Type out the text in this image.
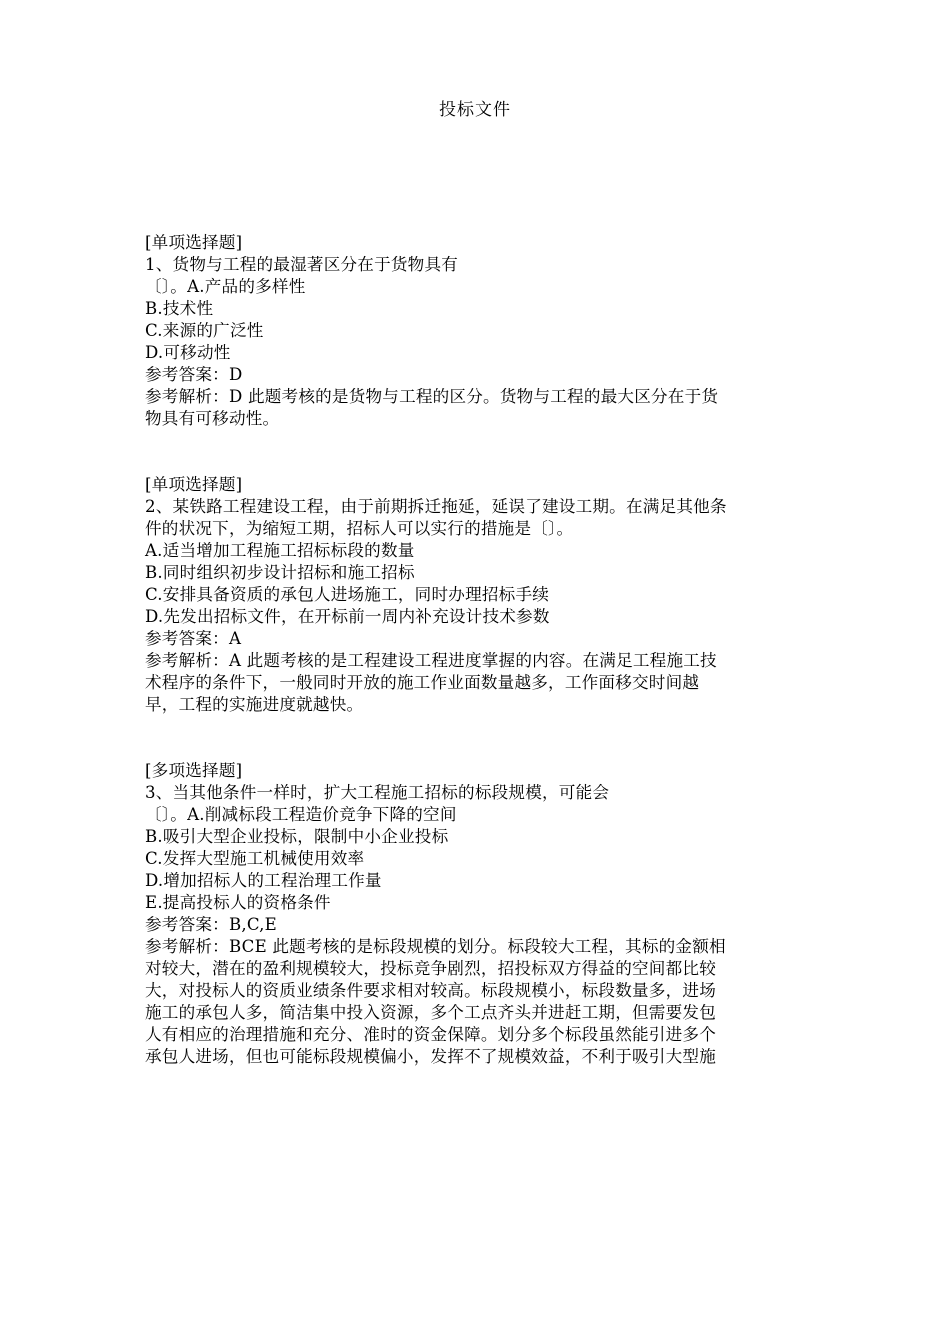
投标文件
[单项选择题]
1、货物与工程的最湿著区分在于货物具有
〔〕。A.产品的多样性
B.技术性
C.来源的广泛性
D.可移动性
参考答案：D
参考解析：D 此题考核的是货物与工程的区分。货物与工程的最大区分在于货
物具有可移动性。
[单项选择题]
2、某铁路工程建设工程，由于前期拆迁拖延，延误了建设工期。在满足其他条
件的状况下，为缩短工期，招标人可以实行的措施是〔〕。
A.适当增加工程施工招标标段的数量
B.同时组织初步设计招标和施工招标
C.安排具备资质的承包人进场施工，同时办理招标手续
D.先发出招标文件，在开标前一周内补充设计技术参数
参考答案：A
参考解析：A 此题考核的是工程建设工程进度掌握的内容。在满足工程施工技
术程序的条件下，一般同时开放的施工作业面数量越多，工作面移交时间越
早，工程的实施进度就越快。
[多项选择题]
3、当其他条件一样时，扩大工程施工招标的标段规模，可能会
〔〕。A.削减标段工程造价竞争下降的空间
B.吸引大型企业投标，限制中小企业投标
C.发挥大型施工机械使用效率
D.增加招标人的工程治理工作量
E.提高投标人的资格条件
参考答案：B,C,E
参考解析：BCE 此题考核的是标段规模的划分。标段较大工程，其标的金额相
对较大，潜在的盈利规模较大，投标竞争剧烈，招投标双方得益的空间都比较
大，对投标人的资质业绩条件要求相对较高。标段规模小，标段数量多，进场
施工的承包人多，简洁集中投入资源，多个工点齐头并进赶工期，但需要发包
人有相应的治理措施和充分、准时的资金保障。划分多个标段虽然能引进多个
承包人进场，但也可能标段规模偏小，发挥不了规模效益，不利于吸引大型施
